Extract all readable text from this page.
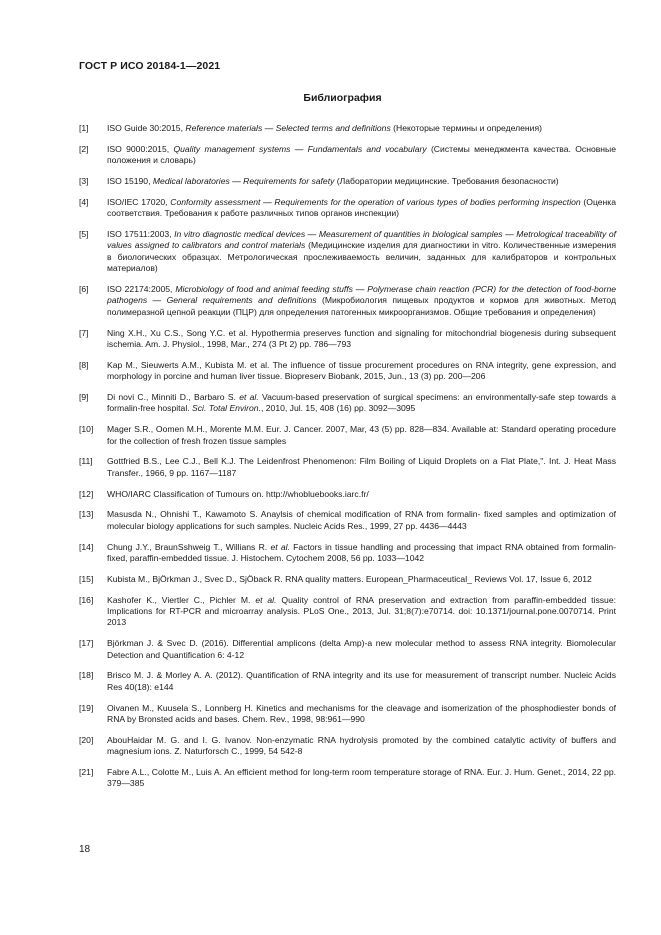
ГОСТ Р ИСО 20184-1—2021
Библиография
[1]	ISO Guide 30:2015, Reference materials — Selected terms and definitions (Некоторые термины и определения)
[2]	ISO 9000:2015, Quality management systems — Fundamentals and vocabulary (Системы менеджмента качества. Основные положения и словарь)
[3]	ISO 15190, Medical laboratories — Requirements for safety (Лаборатории медицинские. Требования безопасности)
[4]	ISO/IEC 17020, Conformity assessment — Requirements for the operation of various types of bodies performing inspection (Оценка соответствия. Требования к работе различных типов органов инспекции)
[5]	ISO 17511:2003, In vitro diagnostic medical devices — Measurement of quantities in biological samples — Metrological traceability of values assigned to calibrators and control materials (Медицинские изделия для диагностики in vitro. Количественные измерения в биологических образцах. Метрологическая прослеживаемость величин, заданных для калибраторов и контрольных материалов)
[6]	ISO 22174:2005, Microbiology of food and animal feeding stuffs — Polymerase chain reaction (PCR) for the detection of food-borne pathogens — General requirements and definitions (Микробиология пищевых продуктов и кормов для животных. Метод полимеразной цепной реакции (ПЦР) для определения патогенных микроорганизмов. Общие требования и определения)
[7]	Ning X.H., Xu C.S., Song Y.C. et al. Hypothermia preserves function and signaling for mitochondrial biogenesis during subsequent ischemia. Am. J. Physiol., 1998, Mar., 274 (3 Pt 2) pp. 786—793
[8]	Kap M., Sieuwerts A.M., Kubista M. et al. The influence of tissue procurement procedures on RNA integrity, gene expression, and morphology in porcine and human liver tissue. Biopreserv Biobank, 2015, Jun., 13 (3) pp. 200—206
[9]	Di novi C., Minniti D., Barbaro S. et al. Vacuum-based preservation of surgical specimens: an environmentally-safe step towards a formalin-free hospital. Sci. Total Environ., 2010, Jul. 15, 408 (16) pp. 3092—3095
[10]	Mager S.R., Oomen M.H., Morente M.M. Eur. J. Cancer. 2007, Mar, 43 (5) pp. 828—834. Available at: Standard operating procedure for the collection of fresh frozen tissue samples
[11]	Gottfried B.S., Lee C.J., Bell K.J. The Leidenfrost Phenomenon: Film Boiling of Liquid Droplets on a Flat Plate,". Int. J. Heat Mass Transfer., 1966, 9 pp. 1167—1187
[12]	WHO/IARC Classification of Tumours on. http://whobluebooks.iarc.fr/
[13]	Masusda N., Ohnishi T., Kawamoto S. Anaylsis of chemical modification of RNA from formalin- fixed samples and optimization of molecular biology applications for such samples. Nucleic Acids Res., 1999, 27 pp. 4436—4443
[14]	Chung J.Y., BraunSshweig T., Willians R. et al. Factors in tissue handling and processing that impact RNA obtained from formalin-fixed, paraffin-embedded tissue. J. Histochem. Cytochem 2008, 56 pp. 1033—1042
[15]	Kubista M., BjÖrkman J., Svec D., SjÖback R. RNA quality matters. European_Pharmaceutical_ Reviews Vol. 17, Issue 6, 2012
[16]	Kashofer K., Viertler C., Pichler M. et al. Quality control of RNA preservation and extraction from paraffin-embedded tissue: Implications for RT-PCR and microarray analysis. PLoS One., 2013, Jul. 31;8(7):e70714. doi: 10.1371/journal.pone.0070714. Print 2013
[17]	Björkman J. & Svec D. (2016). Differential amplicons (delta Amp)-a new molecular method to assess RNA integrity. Biomolecular Detection and Quantification 6: 4-12
[18]	Brisco M. J. & Morley A. A. (2012). Quantification of RNA integrity and its use for measurement of transcript number. Nucleic Acids Res 40(18): e144
[19]	Oivanen M., Kuusela S., Lonnberg H. Kinetics and mechanisms for the cleavage and isomerization of the phosphodiester bonds of RNA by Bronsted acids and bases. Chem. Rev., 1998, 98:961—990
[20]	AbouHaidar M. G. and I. G. Ivanov. Non-enzymatic RNA hydrolysis promoted by the combined catalytic activity of buffers and magnesium ions. Z. Naturforsch C., 1999, 54 542-8
[21]	Fabre A.L., Colotte M., Luis A. An efficient method for long-term room temperature storage of RNA. Eur. J. Hum. Genet., 2014, 22 pp. 379—385
18
